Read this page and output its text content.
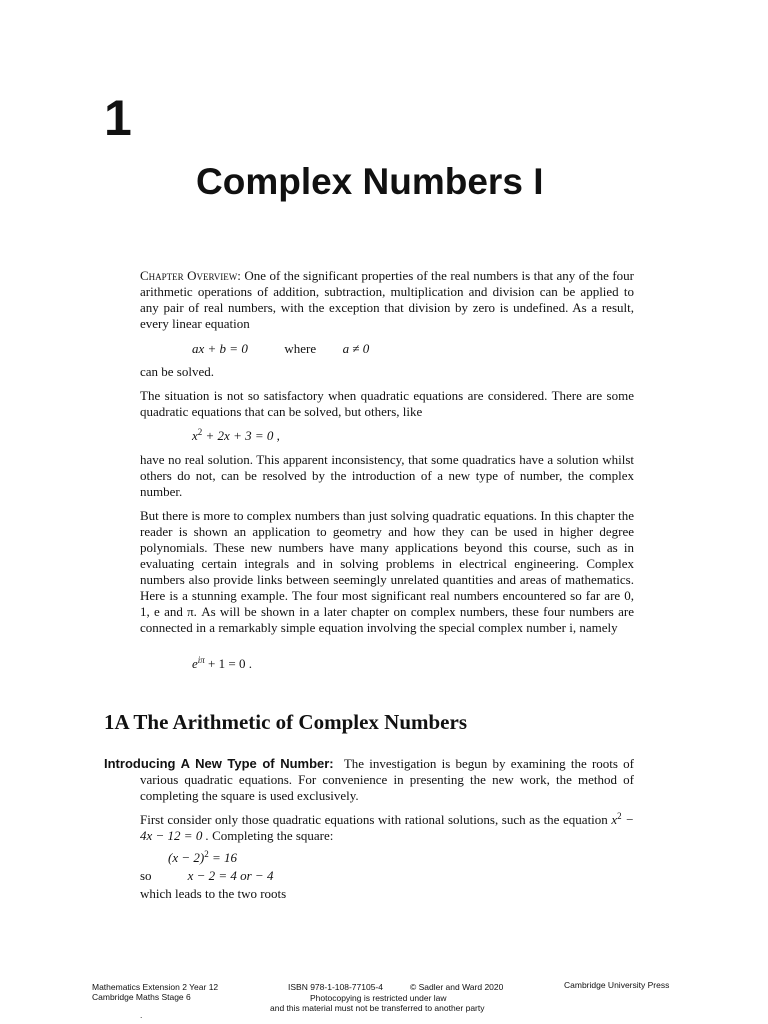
1
Complex Numbers I

Chapter Overview: One of the significant properties of the real numbers is that any of the four arithmetic operations of addition, subtraction, multiplication and division can be applied to any pair of real numbers, with the exception that division by zero is undefined. As a result, every linear equation

ax + b = 0	where a ≠ 0

can be solved.

The situation is not so satisfactory when quadratic equations are considered. There are some quadratic equations that can be solved, but others, like

$x^2 + 2x + 3 = 0$ ,

have no real solution. This apparent inconsistency, that some quadratics have a solution whilst others do not, can be resolved by the introduction of a new type of number, the complex number.

But there is more to complex numbers than just solving quadratic equations. In this chapter the reader is shown an application to geometry and how they can be used in higher degree polynomials. These new numbers have many applications beyond this course, such as in evaluating certain integrals and in solving problems in electrical engineering. Complex numbers also provide links between seemingly unrelated quantities and areas of mathematics. Here is a stunning example. The four most significant real numbers encountered so far are 0, 1, e and π. As will be shown in a later chapter on complex numbers, these four numbers are connected in a remarkably simple equation involving the special complex number i, namely

$e^{i\pi} + 1 = 0$ .
1A The Arithmetic of Complex Numbers
Introducing A New Type of Number: The investigation is begun by examining the roots of various quadratic equations. For convenience in presenting the new work, the method of completing the square is used exclusively.

First consider only those quadratic equations with rational solutions, such as the equation $x^2 - 4x - 12 = 0$ . Completing the square:

$(x - 2)^2 = 16$
so	x − 2 = 4 or − 4

which leads to the two roots

Mathematics Extension 2 Year 12
Cambridge Maths Stage 6
ISBN 978-1-108-77105-4	© Sadler and Ward 2020
Photocopying is restricted under law
and this material must not be transferred to another party
Cambridge University Press
.
